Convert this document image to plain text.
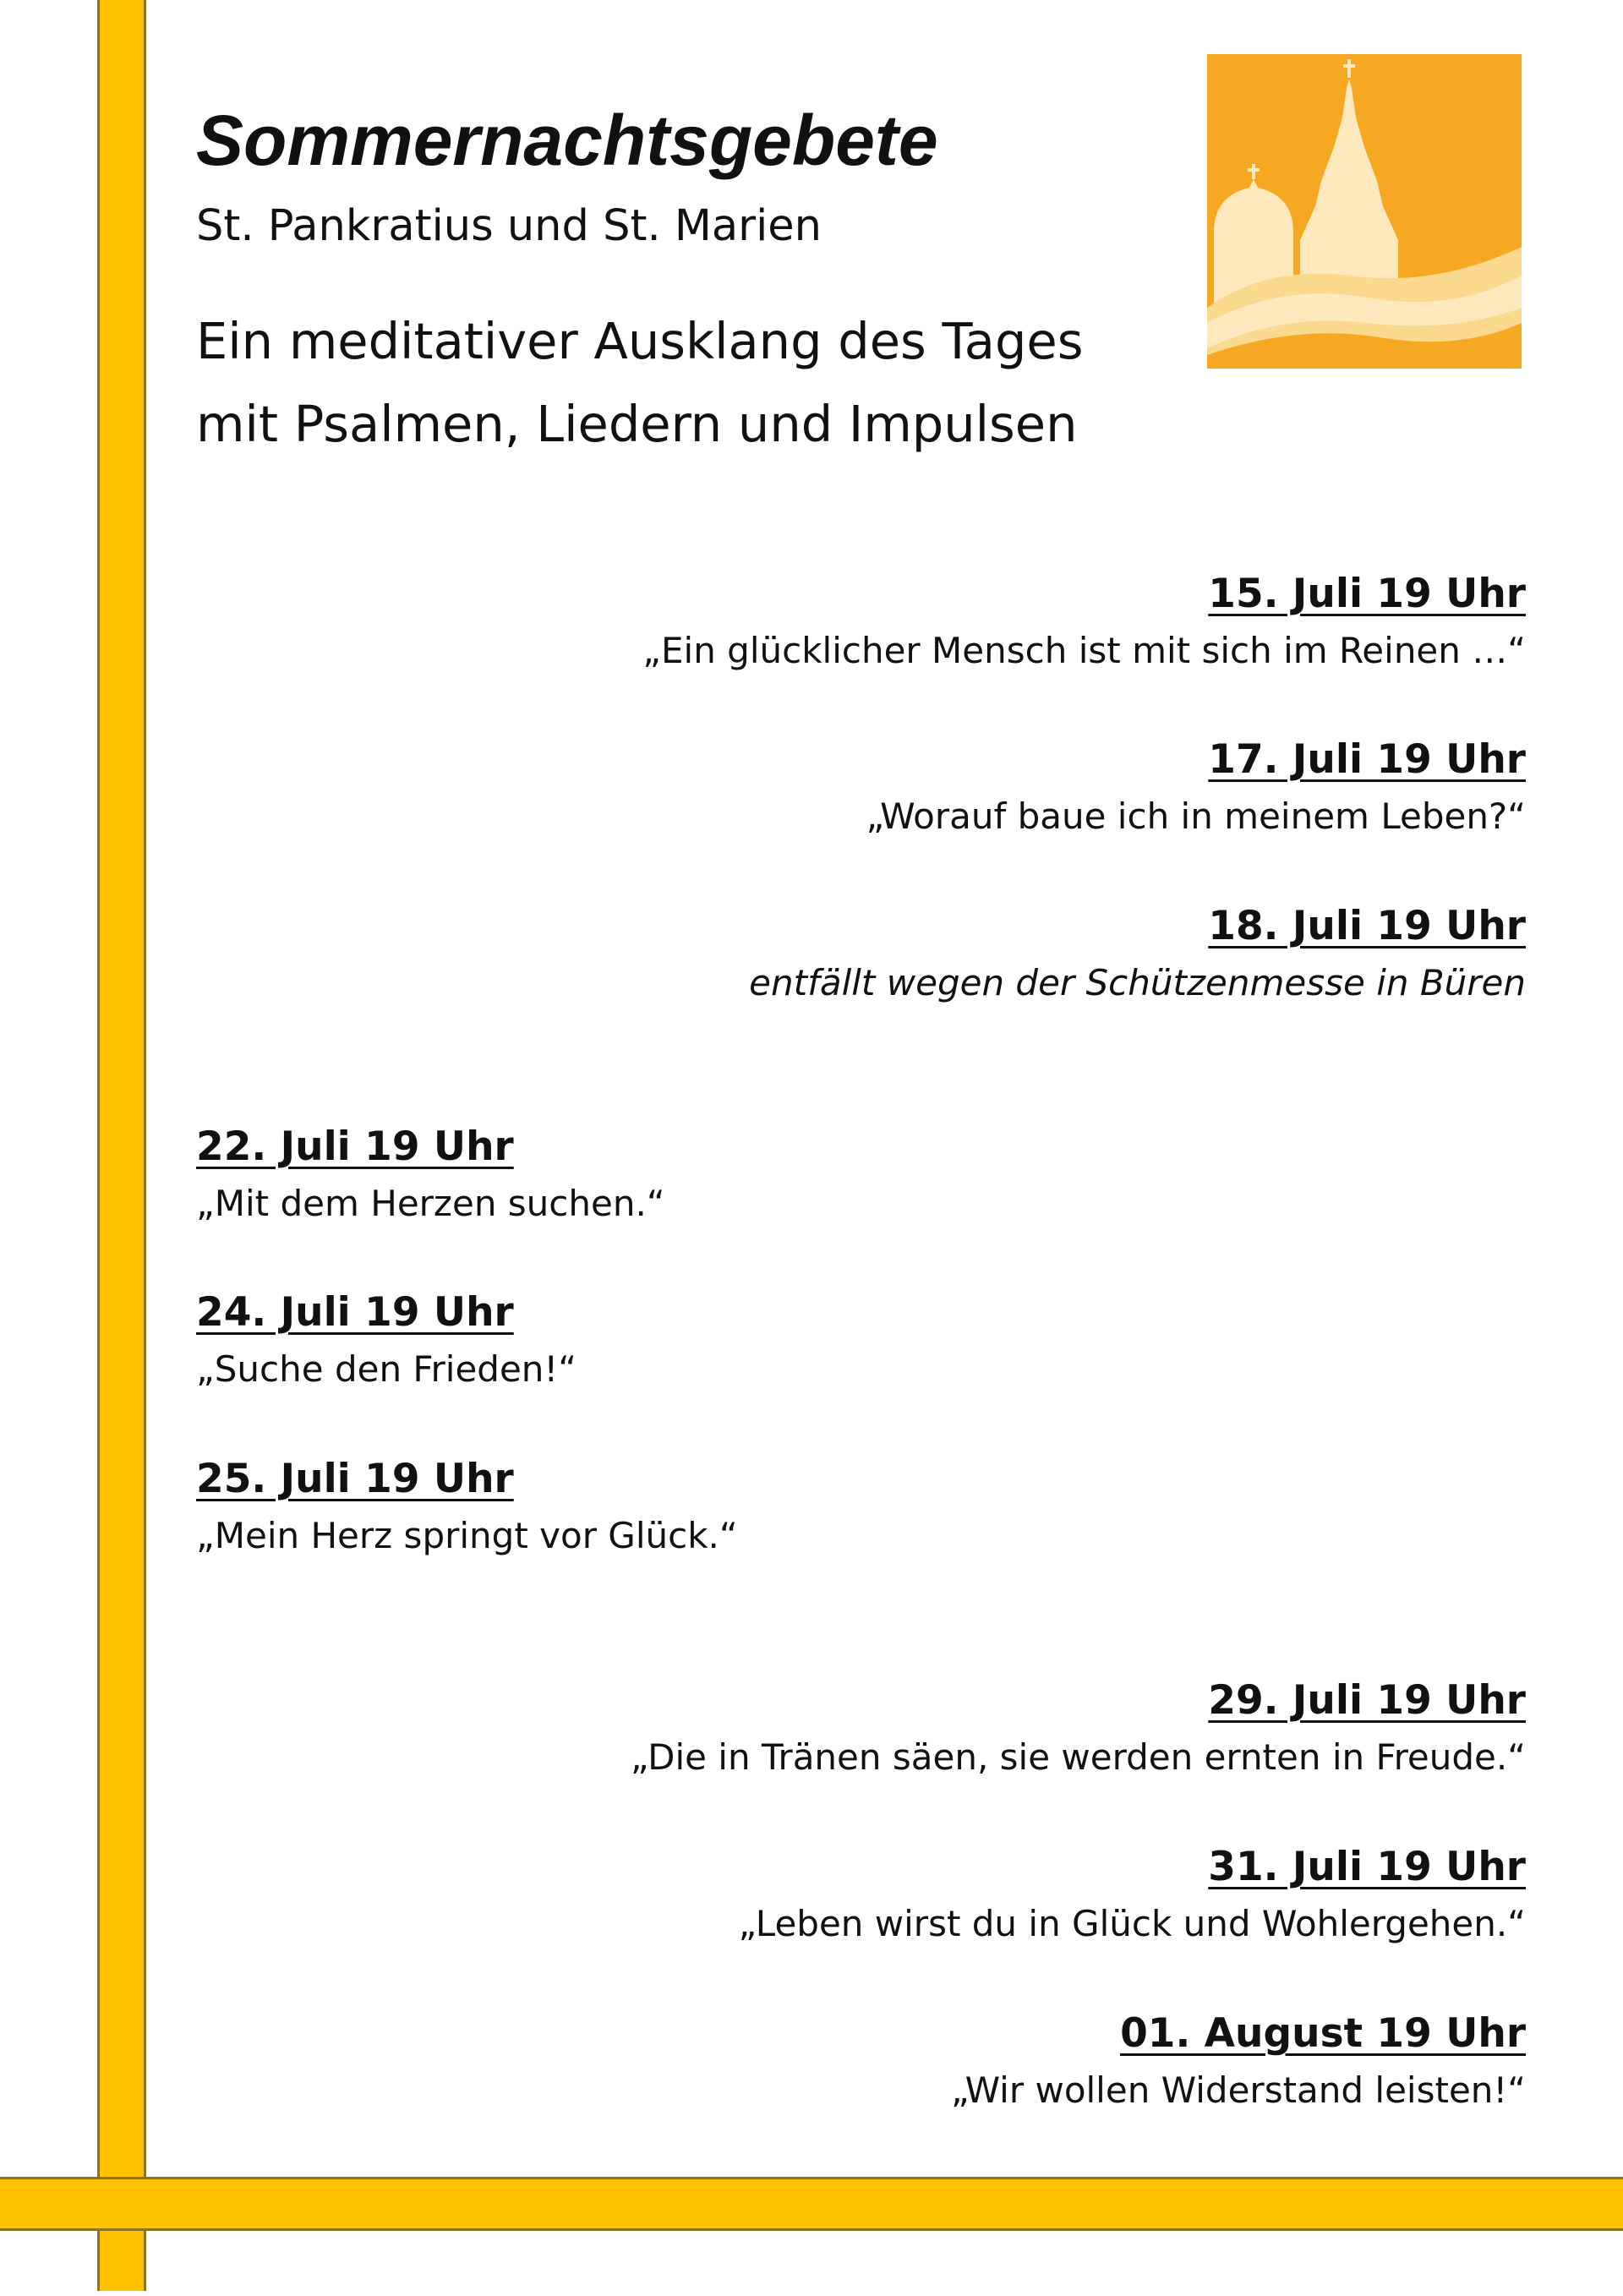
Sommernachtsgebete
St. Pankratius und St. Marien
Ein meditativer Ausklang des Tages
mit Psalmen, Liedern und Impulsen
15. Juli 19 Uhr
„Ein glücklicher Mensch ist mit sich im Reinen …“
17. Juli 19 Uhr
„Worauf baue ich in meinem Leben?“
18. Juli 19 Uhr
entfällt wegen der Schützenmesse in Büren
22. Juli 19 Uhr
„Mit dem Herzen suchen.“
24. Juli 19 Uhr
„Suche den Frieden!“
25. Juli 19 Uhr
„Mein Herz springt vor Glück.“
29. Juli 19 Uhr
„Die in Tränen säen, sie werden ernten in Freude.“
31. Juli 19 Uhr
„Leben wirst du in Glück und Wohlergehen.“
01. August 19 Uhr
„Wir wollen Widerstand leisten!“
